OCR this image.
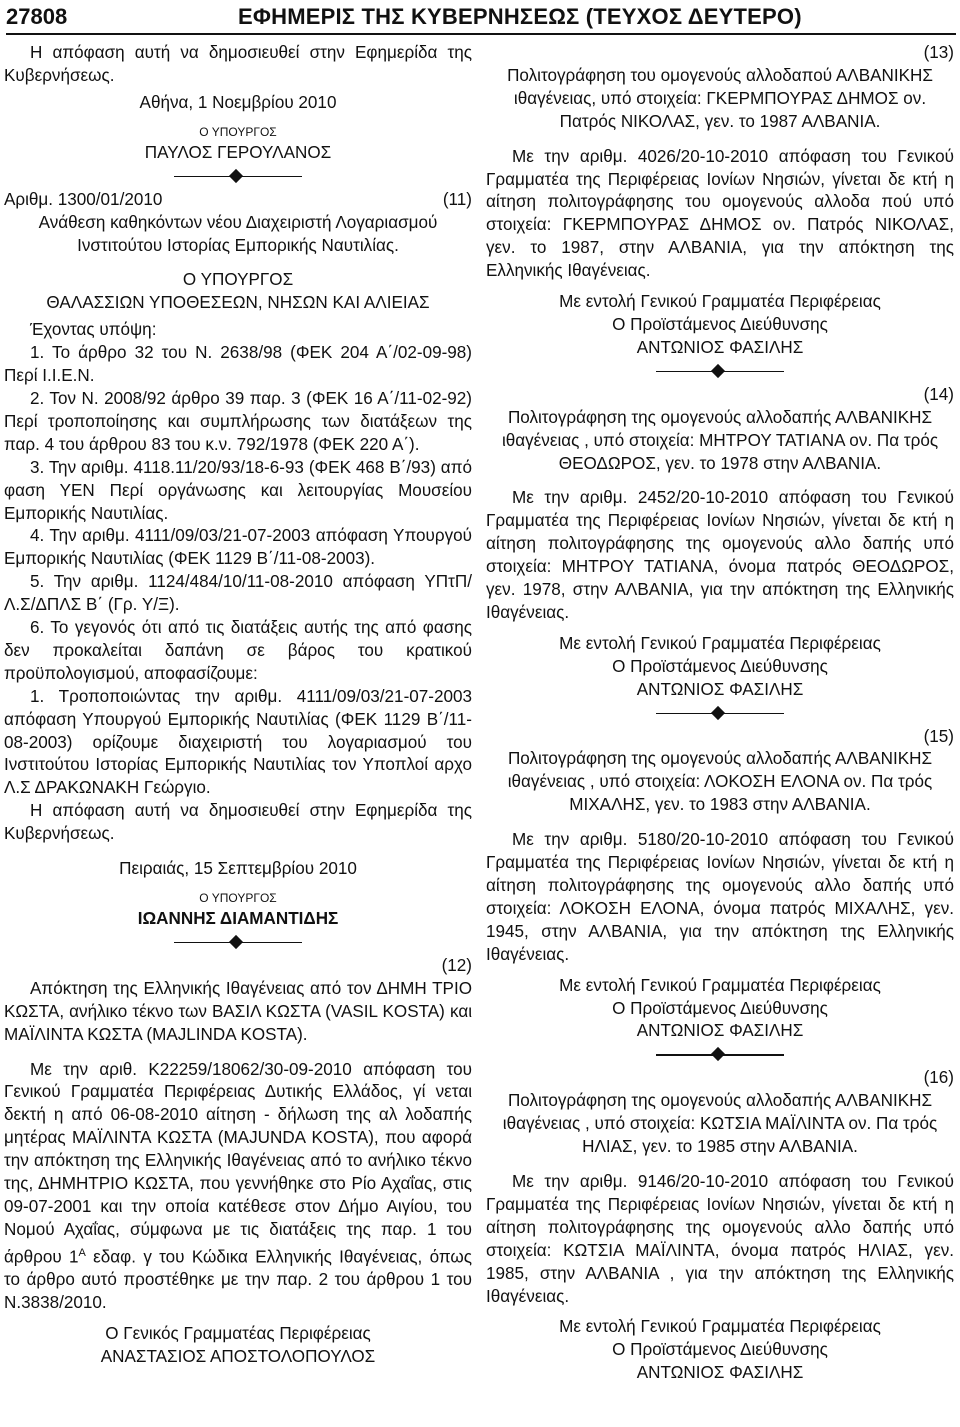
27808	ΕΦΗΜΕΡΙΣ ΤΗΣ ΚΥΒΕΡΝΗΣΕΩΣ (ΤΕΥΧΟΣ ΔΕΥΤΕΡΟ)

Η απόφαση αυτή να δημοσιευθεί στην Εφημερίδα της Κυβερνήσεως.

Αθήνα, 1 Νοεμβρίου 2010

Ο ΥΠΟΥΡΓΟΣ

ΠΑΥΛΟΣ ΓΕΡΟΥΛΑΝΟΣ

Αριθμ. 1300/01/2010	(11)

Ανάθεση καθηκόντων νέου Διαχειριστή Λογαριασμού Ινστιτούτου Ιστορίας Εμπορικής Ναυτιλίας.

Ο ΥΠΟΥΡΓΟΣ

ΘΑΛΑΣΣΙΩΝ ΥΠΟΘΕΣΕΩΝ, ΝΗΣΩΝ ΚΑΙ ΑΛΙΕΙΑΣ

Έχοντας υπόψη:

1. Το άρθρο 32 του Ν. 2638/98 (ΦΕΚ 204 Α΄/02-09-98) Περί Ι.Ι.Ε.Ν.

2. Τον Ν. 2008/92 άρθρο 39 παρ. 3 (ΦΕΚ 16 Α΄/11-02-92) Περί τροποποίησης και συμπλήρωσης των διατάξεων της παρ. 4 του άρθρου 83 του κ.ν. 792/1978 (ΦΕΚ 220 Α΄).

3. Την αριθμ. 4118.11/20/93/18-6-93 (ΦΕΚ 468 Β΄/93) από φαση ΥΕΝ Περί οργάνωσης και λειτουργίας Μουσείου Εμπορικής Ναυτιλίας.

4. Την αριθμ. 4111/09/03/21-07-2003 απόφαση Υπουργού Εμπορικής Ναυτιλίας (ΦΕΚ 1129 Β΄/11-08-2003).

5. Την αριθμ. 1124/484/10/11-08-2010 απόφαση ΥΠτΠ/Λ.Σ/ΔΠΛΣ Β΄ (Γρ. Υ/Ξ).

6. Το γεγονός ότι από τις διατάξεις αυτής της από φασης δεν προκαλείται δαπάνη σε βάρος του κρατικού προϋπολογισμού, αποφασίζουμε:

1. Τροποποιώντας την αριθμ. 4111/09/03/21-07-2003 απόφαση Υπουργού Εμπορικής Ναυτιλίας (ΦΕΚ 1129 Β΄/11-08-2003) ορίζουμε διαχειριστή του λογαριασμού του Ινστιτούτου Ιστορίας Εμπορικής Ναυτιλίας τον Υποπλοί αρχο Λ.Σ ΔΡΑΚΩΝΑΚΗ Γεώργιο.

Η απόφαση αυτή να δημοσιευθεί στην Εφημερίδα της Κυβερνήσεως.

Πειραιάς, 15 Σεπτεμβρίου 2010

Ο ΥΠΟΥΡΓΟΣ

ΙΩΑΝΝΗΣ ΔΙΑΜΑΝΤΙΔΗΣ

(12)

Απόκτηση της Ελληνικής Ιθαγένειας από τον ΔΗΜΗ ΤΡΙΟ ΚΩΣΤΑ, ανήλικο τέκνο των ΒΑΣΙΛ ΚΩΣΤΑ (VASIL KOSTA) και ΜΑΪΛΙΝΤΑ ΚΩΣΤΑ (MAJLINDA KOSTA).

Με την αριθ. Κ22259/18062/30-09-2010 απόφαση του Γενικού Γραμματέα Περιφέρειας Δυτικής Ελλάδος, γί νεται δεκτή η από 06-08-2010 αίτηση - δήλωση της αλ λοδαπής μητέρας ΜΑΪΛΙΝΤΑ ΚΩΣΤΑ (MAJUNDA KOSTA), που αφορά την απόκτηση της Ελληνικής Ιθαγένειας από το ανήλικο τέκνο της, ΔΗΜΗΤΡΙΟ ΚΩΣΤΑ, που γεννήθηκε στο Ρίο Αχαΐας, στις 09-07-2001 και την οποία κατέθεσε στον Δήμο Αιγίου, του Νομού Αχαΐας, σύμφωνα με τις διατάξεις της παρ. 1 του άρθρου $1^A$ εδαφ. γ του Κώδικα Ελληνικής Ιθαγένειας, όπως το άρθρο αυτό προστέθηκε με την παρ. 2 του άρθρου 1 του Ν.3838/2010.

Ο Γενικός Γραμματέας Περιφέρειας

ΑΝΑΣΤΑΣΙΟΣ ΑΠΟΣΤΟΛΟΠΟΥΛΟΣ

(13)

Πολιτογράφηση του ομογενούς αλλοδαπού ΑΛΒΑΝΙΚΗΣ ιθαγένειας, υπό στοιχεία: ΓΚΕΡΜΠΟΥΡΑΣ ΔΗΜΟΣ ον. Πατρός ΝΙΚΟΛΑΣ, γεν. το 1987 ΑΛΒΑΝΙΑ.

Με την αριθμ. 4026/20-10-2010 απόφαση του Γενικού Γραμματέα της Περιφέρειας Ιονίων Νησιών, γίνεται δε κτή η αίτηση πολιτογράφησης του ομογενούς αλλοδα πού υπό στοιχεία: ΓΚΕΡΜΠΟΥΡΑΣ ΔΗΜΟΣ ον. Πατρός ΝΙΚΟΛΑΣ, γεν. το 1987, στην ΑΛΒΑΝΙΑ, για την απόκτηση της Ελληνικής Ιθαγένειας.

Με εντολή Γενικού Γραμματέα Περιφέρειας

Ο Προϊστάμενος Διεύθυνσης

ΑΝΤΩΝΙΟΣ ΦΑΣΙΛΗΣ

(14)

Πολιτογράφηση της ομογενούς αλλοδαπής ΑΛΒΑΝΙΚΗΣ ιθαγένειας , υπό στοιχεία: ΜΗΤΡΟΥ ΤΑΤΙΑΝΑ ον. Πα τρός ΘΕΟΔΩΡΟΣ, γεν. το 1978 στην ΑΛΒΑΝΙΑ.

Με την αριθμ. 2452/20-10-2010 απόφαση του Γενικού Γραμματέα της Περιφέρειας Ιονίων Νησιών, γίνεται δε κτή η αίτηση πολιτογράφησης της ομογενούς αλλο δαπής υπό στοιχεία: ΜΗΤΡΟΥ ΤΑΤΙΑΝΑ, όνομα πατρός ΘΕΟΔΩΡΟΣ, γεν. 1978, στην ΑΛΒΑΝΙΑ, για την απόκτηση της Ελληνικής Ιθαγένειας.

Με εντολή Γενικού Γραμματέα Περιφέρειας

Ο Προϊστάμενος Διεύθυνσης

ΑΝΤΩΝΙΟΣ ΦΑΣΙΛΗΣ

(15)

Πολιτογράφηση της ομογενούς αλλοδαπής ΑΛΒΑΝΙΚΗΣ ιθαγένειας , υπό στοιχεία: ΛΟΚΟΣΗ ΕΛΟΝΑ ον. Πα τρός ΜΙΧΑΛΗΣ, γεν. το 1983 στην ΑΛΒΑΝΙΑ.

Με την αριθμ. 5180/20-10-2010 απόφαση του Γενικού Γραμματέα της Περιφέρειας Ιονίων Νησιών, γίνεται δε κτή η αίτηση πολιτογράφησης της ομογενούς αλλο δαπής υπό στοιχεία: ΛΟΚΟΣΗ ΕΛΟΝΑ, όνομα πατρός ΜΙΧΑΛΗΣ, γεν. 1945, στην ΑΛΒΑΝΙΑ, για την απόκτηση της Ελληνικής Ιθαγένειας.

Με εντολή Γενικού Γραμματέα Περιφέρειας

Ο Προϊστάμενος Διεύθυνσης

ΑΝΤΩΝΙΟΣ ΦΑΣΙΛΗΣ

(16)

Πολιτογράφηση της ομογενούς αλλοδαπής ΑΛΒΑΝΙΚΗΣ ιθαγένειας , υπό στοιχεία: ΚΩΤΣΙΑ ΜΑΪΛΙΝΤΑ ον. Πα τρός ΗΛΙΑΣ, γεν. το 1985 στην ΑΛΒΑΝΙΑ.

Με την αριθμ. 9146/20-10-2010 απόφαση του Γενικού Γραμματέα της Περιφέρειας Ιονίων Νησιών, γίνεται δε κτή η αίτηση πολιτογράφησης της ομογενούς αλλο δαπής υπό στοιχεία: ΚΩΤΣΙΑ ΜΑΪΛΙΝΤΑ, όνομα πατρός ΗΛΙΑΣ, γεν. 1985, στην ΑΛΒΑΝΙΑ , για την απόκτηση της Ελληνικής Ιθαγένειας.

Με εντολή Γενικού Γραμματέα Περιφέρειας

Ο Προϊστάμενος Διεύθυνσης

ΑΝΤΩΝΙΟΣ ΦΑΣΙΛΗΣ
